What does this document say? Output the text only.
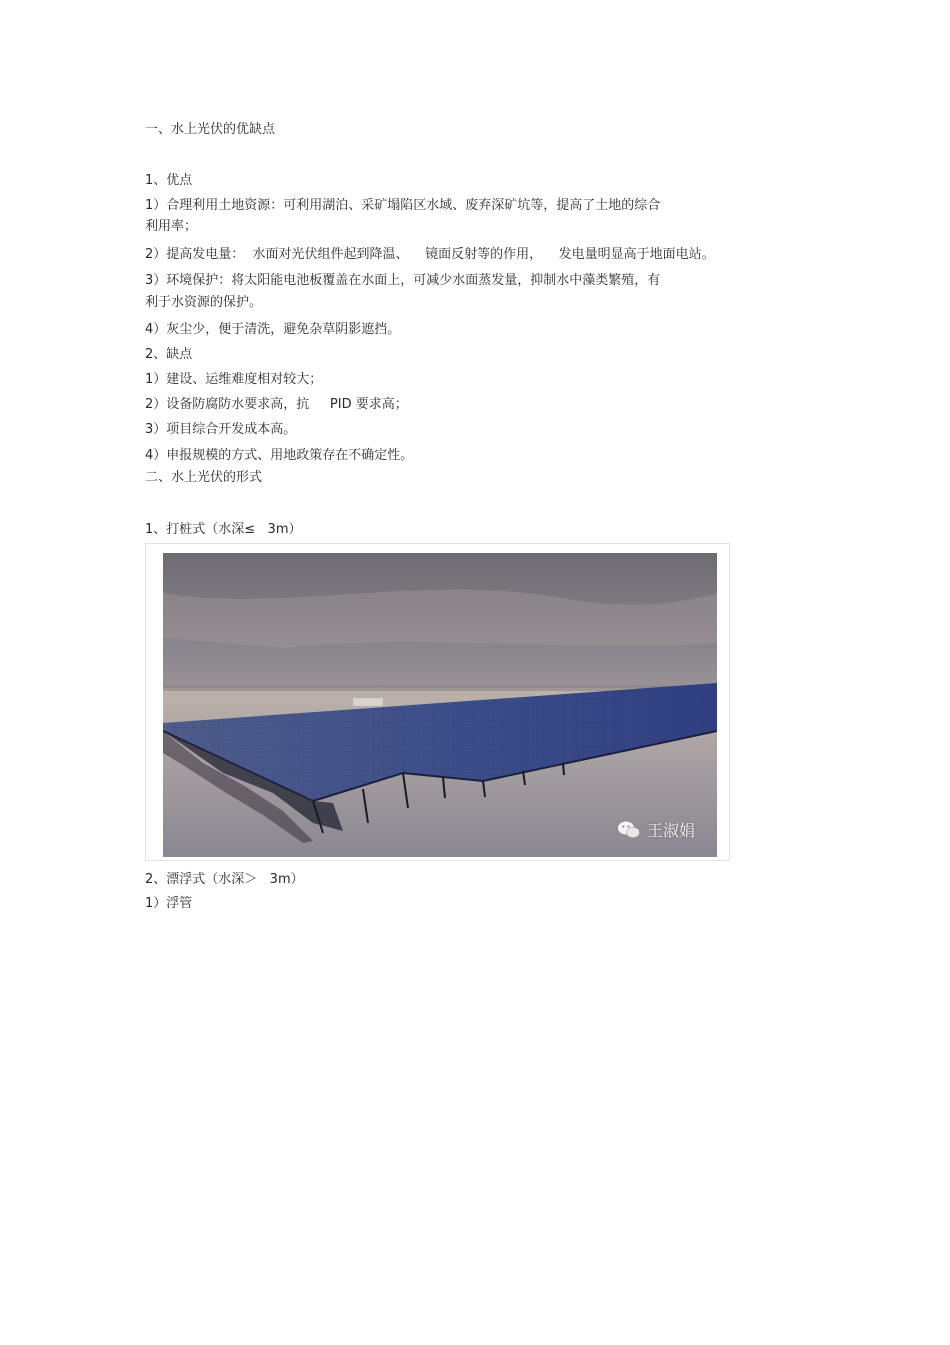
一、水上光伏的优缺点
1、优点
1）合理利用土地资源：可利用湖泊、采矿塌陷区水域、废弃深矿坑等，提高了土地的综合
利用率；
2）提高发电量：  水面对光伏组件起到降温、    镜面反射等的作用，    发电量明显高于地面电站。
3）环境保护：将太阳能电池板覆盖在水面上，可减少水面蒸发量，抑制水中藻类繁殖，有
利于水资源的保护。
4）灰尘少，便于清洗，避免杂草阴影遮挡。
2、缺点
1）建设、运维难度相对较大；
2）设备防腐防水要求高，抗     PID 要求高；
3）项目综合开发成本高。
4）申报规模的方式、用地政策存在不确定性。
二、水上光伏的形式
1、打桩式（水深≤   3m）
王淑娟
2、漂浮式（水深＞   3m）
1）浮管
